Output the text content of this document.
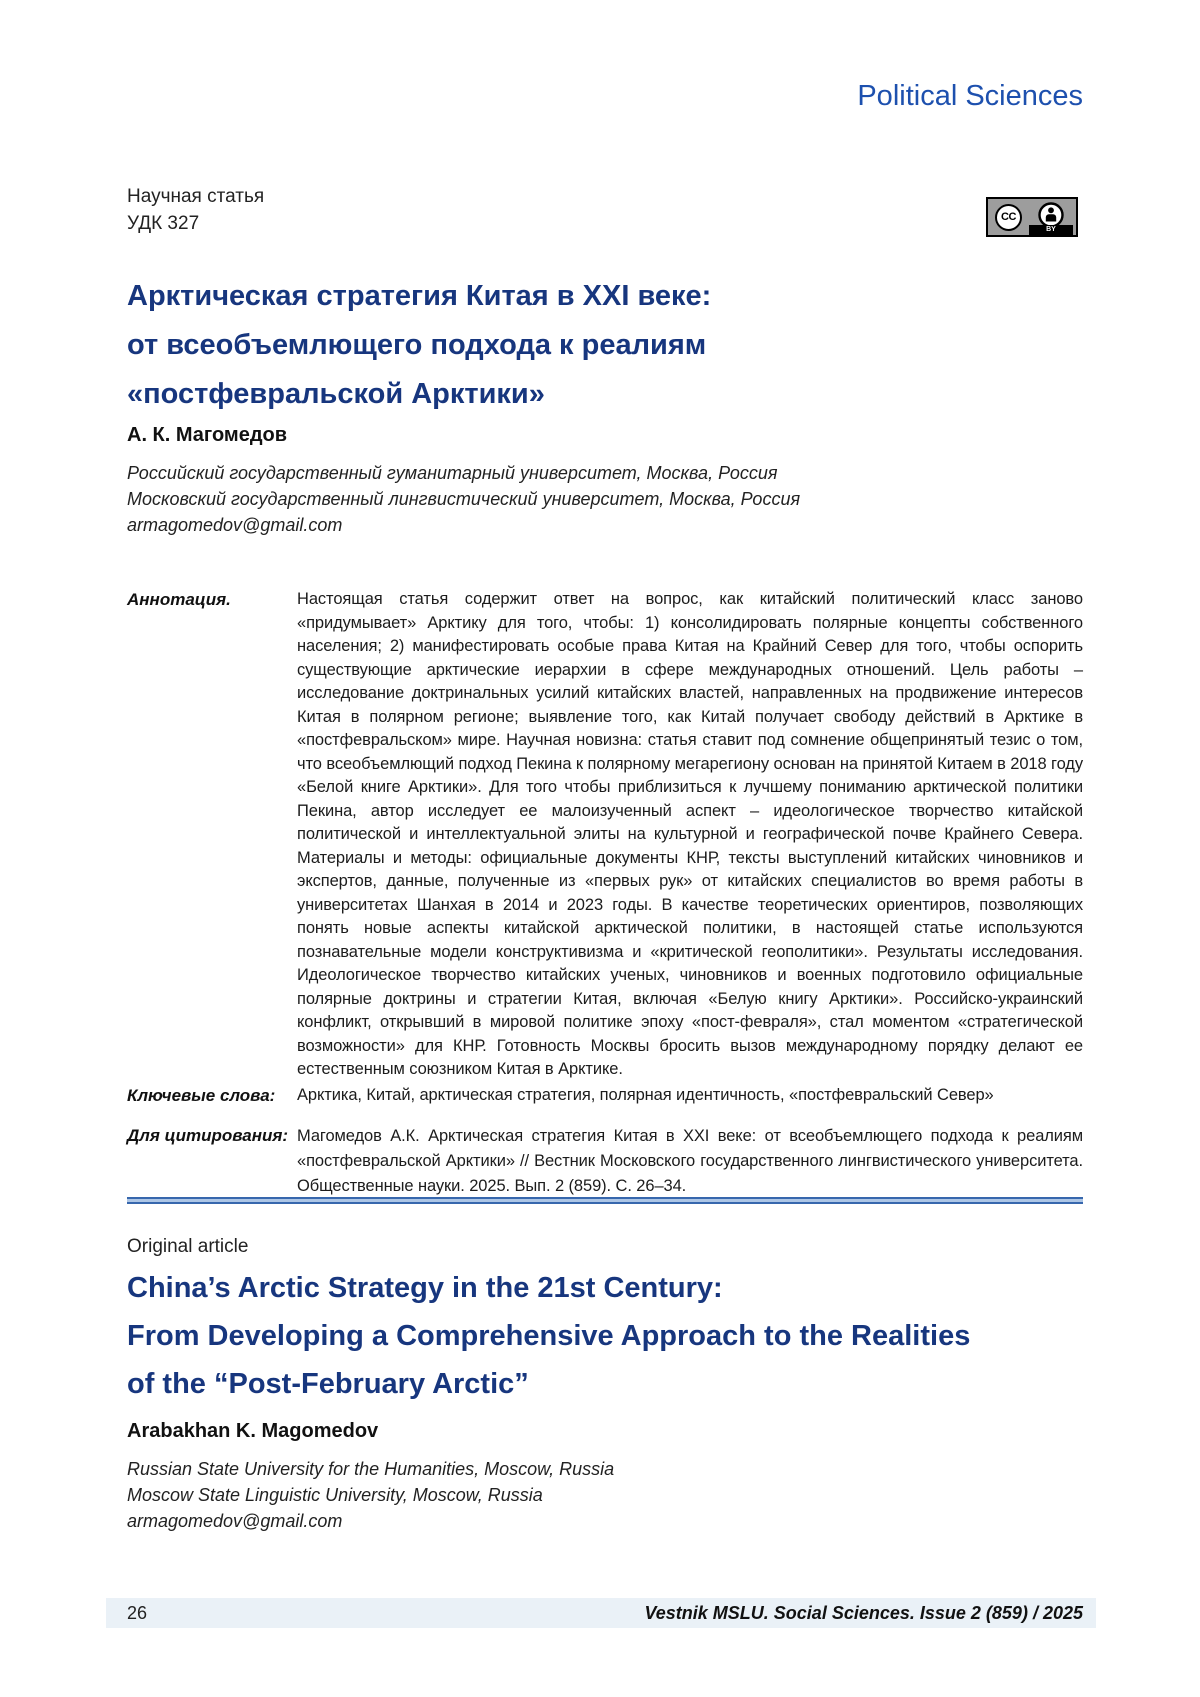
Political Sciences
Научная статья
УДК 327	CC
BY
Арктическая стратегия Китая в XXI веке:
от всеобъемлющего подхода к реалиям
«постфевральской Арктики»
А. К. Магомедов
Российский государственный гуманитарный университет, Москва, Россия
Московский государственный лингвистический университет, Москва, Россия
armagomedov@gmail.com
Аннотация.	Настоящая статья содержит ответ на вопрос, как китайский политический класс заново «придумывает» Арктику для того, чтобы: 1) консолидировать полярные концепты собственного населения; 2) манифестировать особые права Китая на Крайний Север для того, чтобы оспорить существующие арктические иерархии в сфере международных отношений. Цель работы – исследование доктринальных усилий китайских властей, направленных на продвижение интересов Китая в полярном регионе; выявление того, как Китай получает свободу действий в Арктике в «постфевральском» мире. Научная новизна: статья ставит под сомнение общепринятый тезис о том, что всеобъемлющий подход Пекина к полярному мегарегиону основан на принятой Китаем в 2018 году «Белой книге Арктики». Для того чтобы приблизиться к лучшему пониманию арктической политики Пекина, автор исследует ее малоизученный аспект – идеологическое творчество китайской политической и интеллектуальной элиты на культурной и географической почве Крайнего Севера. Материалы и методы: официальные документы КНР, тексты выступлений китайских чиновников и экспертов, данные, полученные из «первых рук» от китайских специалистов во время работы в университетах Шанхая в 2014 и 2023 годы. В качестве теоретических ориентиров, позволяющих понять новые аспекты китайской арктической политики, в настоящей статье используются познавательные модели конструктивизма и «критической геополитики». Результаты исследования. Идеологическое творчество китайских ученых, чиновников и военных подготовило официальные полярные доктрины и стратегии Китая, включая «Белую книгу Арктики». Российско-украинский конфликт, открывший в мировой политике эпоху «пост-февраля», стал моментом «стратегической возможности» для КНР. Готовность Москвы бросить вызов международному порядку делают ее естественным союзником Китая в Арктике.
Ключевые слова:	Арктика, Китай, арктическая стратегия, полярная идентичность, «постфевральский Север»
Для цитирования: Магомедов А.К. Арктическая стратегия Китая в XXI веке: от всеобъемлющего подхода к реалиям «постфевральской Арктики» // Вестник Московского государственного лингвистического университета. Общественные науки. 2025. Вып. 2 (859). С. 26–34.
Original article
China’s Arctic Strategy in the 21st Century:
From Developing a Comprehensive Approach to the Realities
of the “Post-February Arctic”
Arabakhan K. Magomedov
Russian State University for the Humanities, Moscow, Russia
Moscow State Linguistic University, Moscow, Russia
armagomedov@gmail.com
26	Vestnik MSLU. Social Sciences. Issue 2 (859) / 2025
